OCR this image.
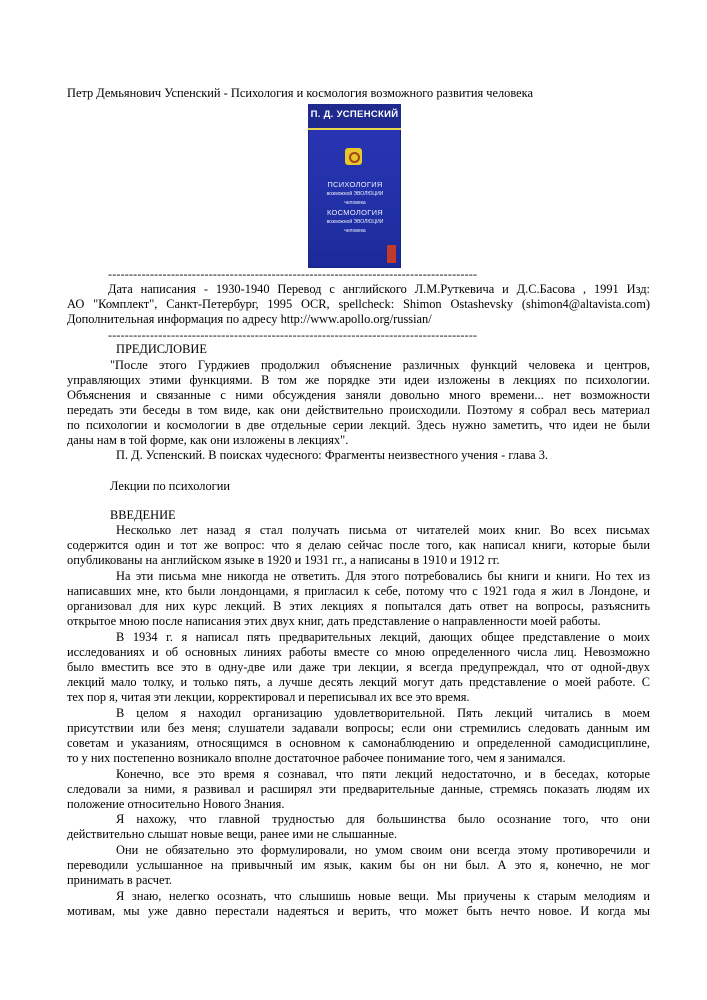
Петр Демьянович Успенский - Психология и космология возможного развития человека
П. Д. УСПЕНСКИЙ
ПСИХОЛОГИЯ
возможной ЭВОЛЮЦИИ человека
КОСМОЛОГИЯ
возможной ЭВОЛЮЦИИ человека
----------------------------------------------------------------------------------------
Дата написания - 1930-1940 Перевод с английского Л.М.Руткевича и Д.С.Басова , 1991 Изд:
АО "Комплект", Санкт-Петербург, 1995 OCR, spellcheck: Shimon Ostashevsky (shimon4@altavista.com)
Дополнительная информация по адресу http://www.apollo.org/russian/
----------------------------------------------------------------------------------------
ПРЕДИСЛОВИЕ
"После этого Гурджиев продолжил объяснение различных функций человека и центров,
управляющих этими функциями. В том же порядке эти идеи изложены в лекциях по психологии.
Объяснения и связанные с ними обсуждения заняли довольно много времени... нет возможности
передать эти беседы в том виде, как они действительно происходили. Поэтому я собрал весь материал
по психологии и космологии в две отдельные серии лекций. Здесь нужно заметить, что идеи не были
даны нам в той форме, как они изложены в лекциях".
П. Д. Успенский. В поисках чудесного: Фрагменты неизвестного учения - глава 3.
Лекции по психологии
ВВЕДЕНИЕ
Несколько лет назад я стал получать письма от читателей моих книг. Во всех письмах
содержится один и тот же вопрос: что я делаю сейчас после того, как написал книги, которые были
опубликованы на английском языке в 1920 и 1931 гг., а написаны в 1910 и 1912 гг.
На эти письма мне никогда не ответить. Для этого потребовались бы книги и книги. Но тех из
написавших мне, кто были лондонцами, я пригласил к себе, потому что с 1921 года я жил в Лондоне, и
организовал для них курс лекций. В этих лекциях я попытался дать ответ на вопросы, разъяснить
открытое мною после написания этих двух книг, дать представление о направленности моей работы.
В 1934 г. я написал пять предварительных лекций, дающих общее представление о моих
исследованиях и об основных линиях работы вместе со мною определенного числа лиц. Невозможно
было вместить все это в одну-две или даже три лекции, я всегда предупреждал, что от одной-двух
лекций мало толку, и только пять, а лучше десять лекций могут дать представление о моей работе. С
тех пор я, читая эти лекции, корректировал и переписывал их все это время.
В целом я находил организацию удовлетворительной. Пять лекций читались в моем
присутствии или без меня; слушатели задавали вопросы; если они стремились следовать данным им
советам и указаниям, относящимся в основном к самонаблюдению и определенной самодисциплине,
то у них постепенно возникало вполне достаточное рабочее понимание того, чем я занимался.
Конечно, все это время я сознавал, что пяти лекций недостаточно, и в беседах, которые
следовали за ними, я развивал и расширял эти предварительные данные, стремясь показать людям их
положение относительно Нового Знания.
Я нахожу, что главной трудностью для большинства было осознание того, что они
действительно слышат новые вещи, ранее ими не слышанные.
Они не обязательно это формулировали, но умом своим они всегда этому противоречили и
переводили услышанное на привычный им язык, каким бы он ни был. А это я, конечно, не мог
принимать в расчет.
Я знаю, нелегко осознать, что слышишь новые вещи. Мы приучены к старым мелодиям и
мотивам, мы уже давно перестали надеяться и верить, что может быть нечто новое. И когда мы
